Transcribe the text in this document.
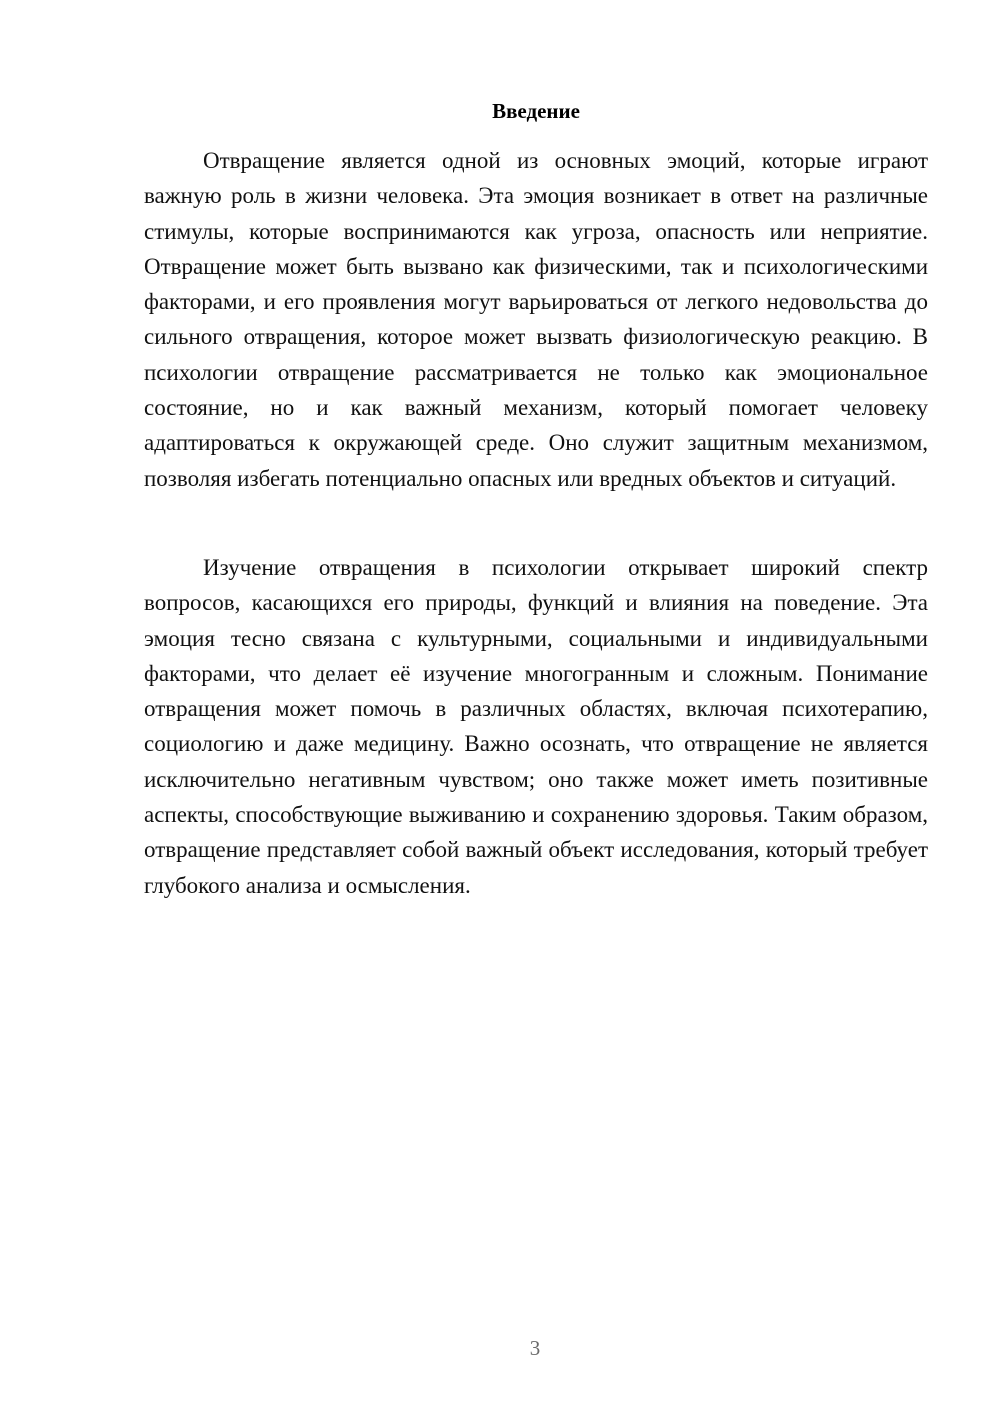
Введение

Отвращение является одной из основных эмоций, которые играют важную роль в жизни человека. Эта эмоция возникает в ответ на различные стимулы, которые воспринимаются как угроза, опасность или неприятие. Отвращение может быть вызвано как физическими, так и психологическими факторами, и его проявления могут варьироваться от легкого недовольства до сильного отвращения, которое может вызвать физиологическую реакцию. В психологии отвращение рассматривается не только как эмоциональное состояние, но и как важный механизм, который помогает человеку адаптироваться к окружающей среде. Оно служит защитным механизмом, позволяя избегать потенциально опасных или вредных объектов и ситуаций.

Изучение отвращения в психологии открывает широкий спектр вопросов, касающихся его природы, функций и влияния на поведение. Эта эмоция тесно связана с культурными, социальными и индивидуальными факторами, что делает её изучение многогранным и сложным. Понимание отвращения может помочь в различных областях, включая психотерапию, социологию и даже медицину. Важно осознать, что отвращение не является исключительно негативным чувством; оно также может иметь позитивные аспекты, способствующие выживанию и сохранению здоровья. Таким образом, отвращение представляет собой важный объект исследования, который требует глубокого анализа и осмысления.

3
